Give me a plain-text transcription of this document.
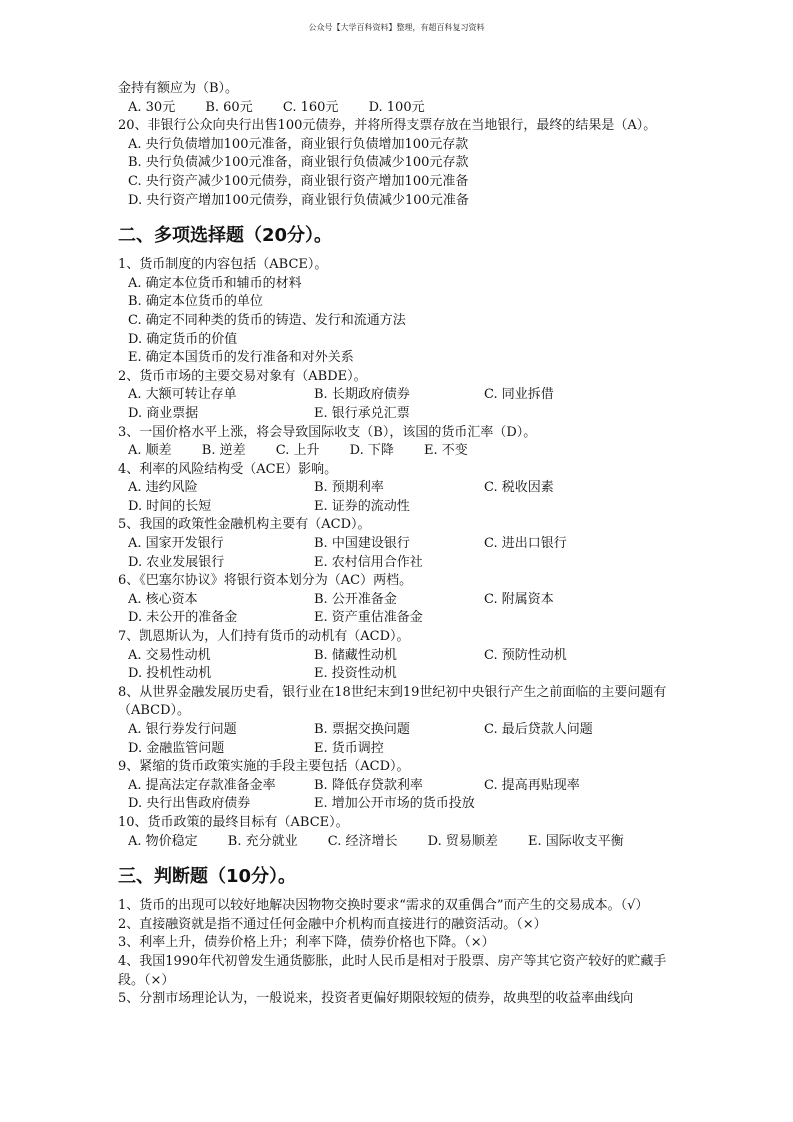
公众号【大学百科资料】整理，有超百科复习资料
金持有额应为（B）。
A. 30元 B. 60元 C. 160元 D. 100元
20、非银行公众向央行出售100元债券，并将所得支票存放在当地银行，最终的结果是（A）。
A. 央行负债增加100元准备，商业银行负债增加100元存款
B. 央行负债减少100元准备，商业银行负债减少100元存款
C. 央行资产减少100元债券，商业银行资产增加100元准备
D. 央行资产增加100元债券，商业银行负债减少100元准备
二、多项选择题（20分）。
1、货币制度的内容包括（ABCE）。
A. 确定本位货币和辅币的材料
B. 确定本位货币的单位
C. 确定不同种类的货币的铸造、发行和流通方法
D. 确定货币的价值
E. 确定本国货币的发行准备和对外关系
2、货币市场的主要交易对象有（ABDE）。
A. 大额可转让存单	B. 长期政府债券	C. 同业拆借
D. 商业票据	E. 银行承兑汇票
3、一国价格水平上涨，将会导致国际收支（B），该国的货币汇率（D）。
A. 顺差 B. 逆差 C. 上升 D. 下降 E. 不变
4、利率的风险结构受（ACE）影响。
A. 违约风险	B. 预期利率	C. 税收因素
D. 时间的长短	E. 证券的流动性
5、我国的政策性金融机构主要有（ACD）。
A. 国家开发银行	B. 中国建设银行	C. 进出口银行
D. 农业发展银行	E. 农村信用合作社
6、《巴塞尔协议》将银行资本划分为（AC）两档。
A. 核心资本	B. 公开准备金	C. 附属资本
D. 未公开的准备金	E. 资产重估准备金
7、凯恩斯认为，人们持有货币的动机有（ACD）。
A. 交易性动机	B. 储藏性动机	C. 预防性动机
D. 投机性动机	E. 投资性动机
8、从世界金融发展历史看，银行业在18世纪末到19世纪初中央银行产生之前面临的主要问题有（ABCD）。
A. 银行券发行问题	B. 票据交换问题	C. 最后贷款人问题
D. 金融监管问题	E. 货币调控
9、紧缩的货币政策实施的手段主要包括（ACD）。
A. 提高法定存款准备金率	B. 降低存贷款利率	C. 提高再贴现率
D. 央行出售政府债券	E. 增加公开市场的货币投放
10、货币政策的最终目标有（ABCE）。
A. 物价稳定 B. 充分就业 C. 经济增长 D. 贸易顺差 E. 国际收支平衡
三、判断题（10分）。
1、货币的出现可以较好地解决因物物交换时要求“需求的双重偶合”而产生的交易成本。（√）
2、直接融资就是指不通过任何金融中介机构而直接进行的融资活动。（×）
3、利率上升，债券价格上升；利率下降，债券价格也下降。（×）
4、我国1990年代初曾发生通货膨胀，此时人民币是相对于股票、房产等其它资产较好的贮藏手段。（×）
5、分割市场理论认为，一般说来，投资者更偏好期限较短的债券，故典型的收益率曲线向
